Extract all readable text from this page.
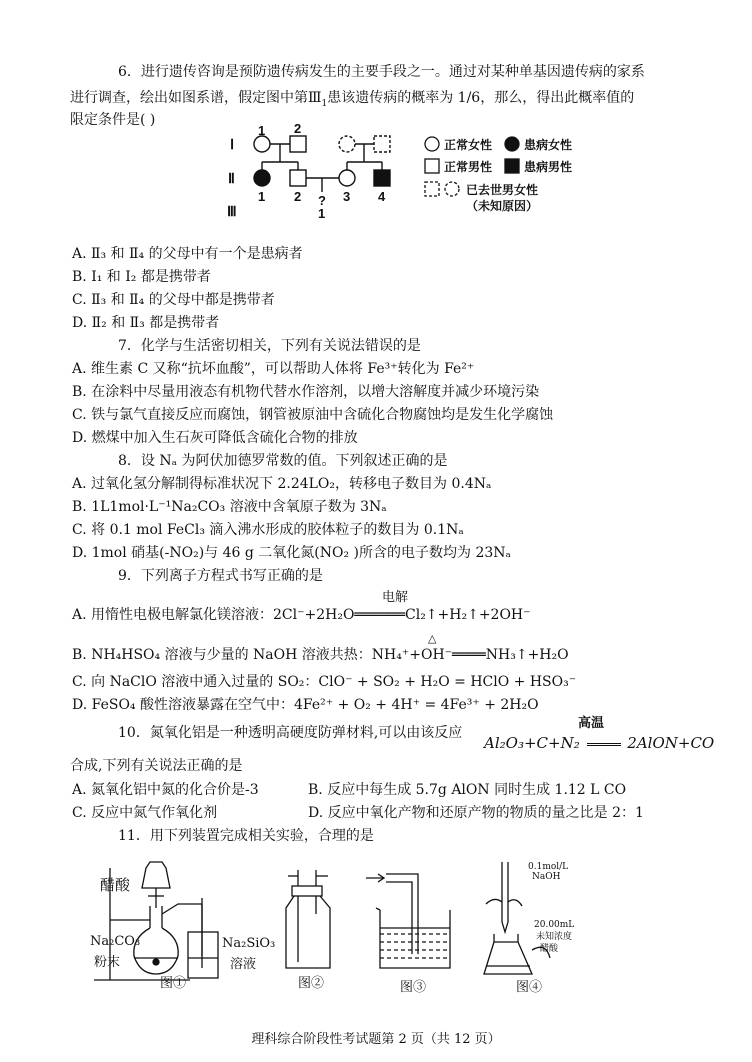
6．进行遗传咨询是预防遗传病发生的主要手段之一。通过对某种单基因遗传病的家系
进行调查，绘出如图系谱，假定图中第$Ⅲ_1$患该遗传病的概率为 1/6，那么，得出此概率值的
限定条件是( )
Ⅰ
Ⅱ
Ⅲ
1 2
1 2	3 4
?
1
正常女性	患病女性
正常男性	患病男性
已去世男女性
（未知原因）
A. Ⅱ₃ 和 Ⅱ₄ 的父母中有一个是患病者
B. Ⅰ₁ 和 Ⅰ₂ 都是携带者
C. Ⅱ₃ 和 Ⅱ₄ 的父母中都是携带者
D. Ⅱ₂ 和 Ⅱ₃ 都是携带者
7．化学与生活密切相关，下列有关说法错误的是
A. 维生素 C 又称“抗坏血酸”，可以帮助人体将 Fe³⁺转化为 Fe²⁺
B. 在涂料中尽量用液态有机物代替水作溶剂，以增大溶解度并减少环境污染
C. 铁与氯气直接反应而腐蚀，钢管被原油中含硫化合物腐蚀均是发生化学腐蚀
D. 燃煤中加入生石灰可降低含硫化合物的排放
8．设 Nₐ 为阿伏加德罗常数的值。下列叙述正确的是
A. 过氧化氢分解制得标准状况下 2.24LO₂，转移电子数目为 0.4Nₐ
B. 1L1mol·L⁻¹Na₂CO₃ 溶液中含氧原子数为 3Nₐ
C. 将 0.1 mol FeCl₃ 滴入沸水形成的胶体粒子的数目为 0.1Nₐ
D. 1mol 硝基(-NO₂)与 46 g 二氧化氮(NO₂ )所含的电子数均为 23Nₐ
9．下列离子方程式书写正确的是
电解
A. 用惰性电极电解氯化镁溶液：2Cl⁻+2H₂O══════Cl₂↑+H₂↑+2OH⁻
△
B. NH₄HSO₄ 溶液与少量的 NaOH 溶液共热：NH₄⁺+OH⁻════NH₃↑+H₂O
C. 向 NaClO 溶液中通入过量的 SO₂：ClO⁻ + SO₂ + H₂O = HClO + HSO₃⁻
D. FeSO₄ 酸性溶液暴露在空气中：4Fe²⁺ + O₂ + 4H⁺ = 4Fe³⁺ + 2H₂O
10．氮氧化铝是一种透明高硬度防弹材料,可以由该反应
高温
Al₂O₃+C+N₂	2AlON+CO
合成,下列有关说法正确的是
A. 氮氧化铝中氮的化合价是-3	B. 反应中每生成 5.7g AlON 同时生成 1.12 L CO
C. 反应中氮气作氧化剂	D. 反应中氧化产物和还原产物的物质的量之比是 2：1
11．用下列装置完成相关实验，合理的是
醋酸
Na₂CO₃
粉末
Na₂SiO₃
溶液
图①	图②	图③
0.1mol/L
NaOH
20.00mL
未知浓度
醋酸
图④
理科综合阶段性考试题第 2 页（共 12 页）
